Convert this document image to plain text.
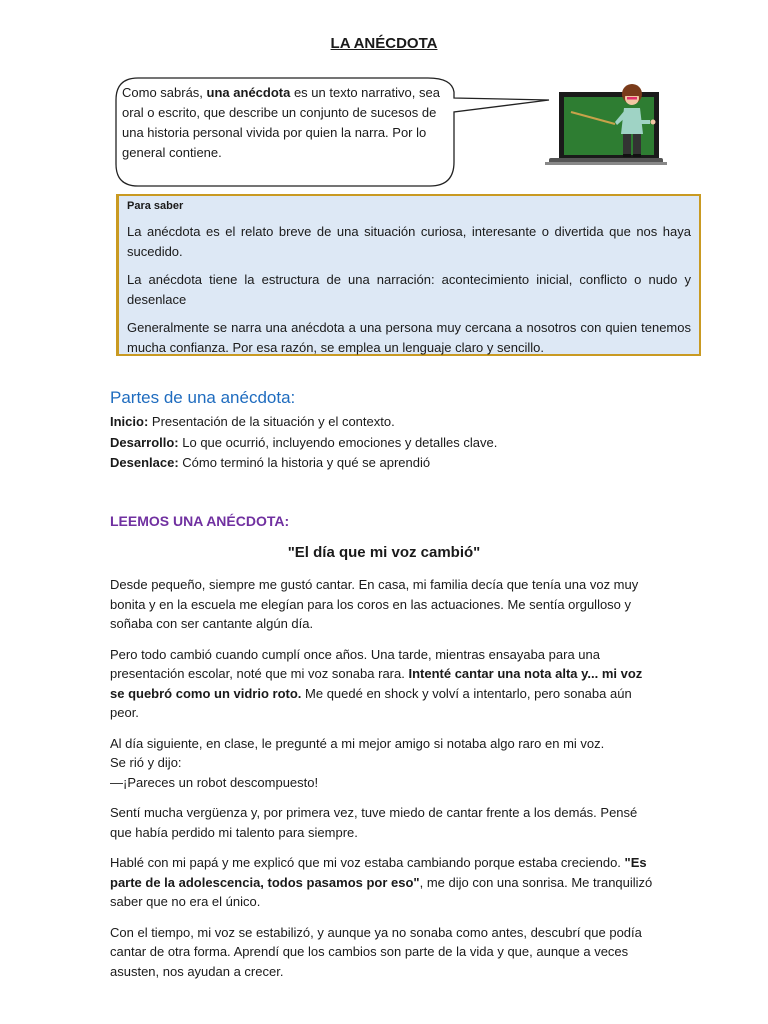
LA ANÉCDOTA
Como sabrás, una anécdota es un texto narrativo, sea oral o escrito, que describe un conjunto de sucesos de una historia personal vivida por quien la narra. Por lo general contiene.
Para saber
La anécdota es el relato breve de una situación curiosa, interesante o divertida que nos haya sucedido.
La anécdota tiene la estructura de una narración: acontecimiento inicial, conflicto o nudo y desenlace
Generalmente se narra una anécdota a una persona muy cercana a nosotros con quien tenemos mucha confianza. Por esa razón, se emplea un lenguaje claro y sencillo.
Partes de una anécdota:
Inicio: Presentación de la situación y el contexto.
Desarrollo: Lo que ocurrió, incluyendo emociones y detalles clave.
Desenlace: Cómo terminó la historia y qué se aprendió
LEEMOS UNA ANÉCDOTA:
"El día que mi voz cambió"

Desde pequeño, siempre me gustó cantar. En casa, mi familia decía que tenía una voz muy bonita y en la escuela me elegían para los coros en las actuaciones. Me sentía orgulloso y soñaba con ser cantante algún día.

Pero todo cambió cuando cumplí once años. Una tarde, mientras ensayaba para una presentación escolar, noté que mi voz sonaba rara. Intenté cantar una nota alta y... mi voz se quebró como un vidrio roto. Me quedé en shock y volví a intentarlo, pero sonaba aún peor.

Al día siguiente, en clase, le pregunté a mi mejor amigo si notaba algo raro en mi voz.
Se rió y dijo:
—¡Pareces un robot descompuesto!

Sentí mucha vergüenza y, por primera vez, tuve miedo de cantar frente a los demás. Pensé que había perdido mi talento para siempre.

Hablé con mi papá y me explicó que mi voz estaba cambiando porque estaba creciendo. "Es parte de la adolescencia, todos pasamos por eso", me dijo con una sonrisa. Me tranquilizó saber que no era el único.

Con el tiempo, mi voz se estabilizó, y aunque ya no sonaba como antes, descubrí que podía cantar de otra forma. Aprendí que los cambios son parte de la vida y que, aunque a veces asusten, nos ayudan a crecer.
